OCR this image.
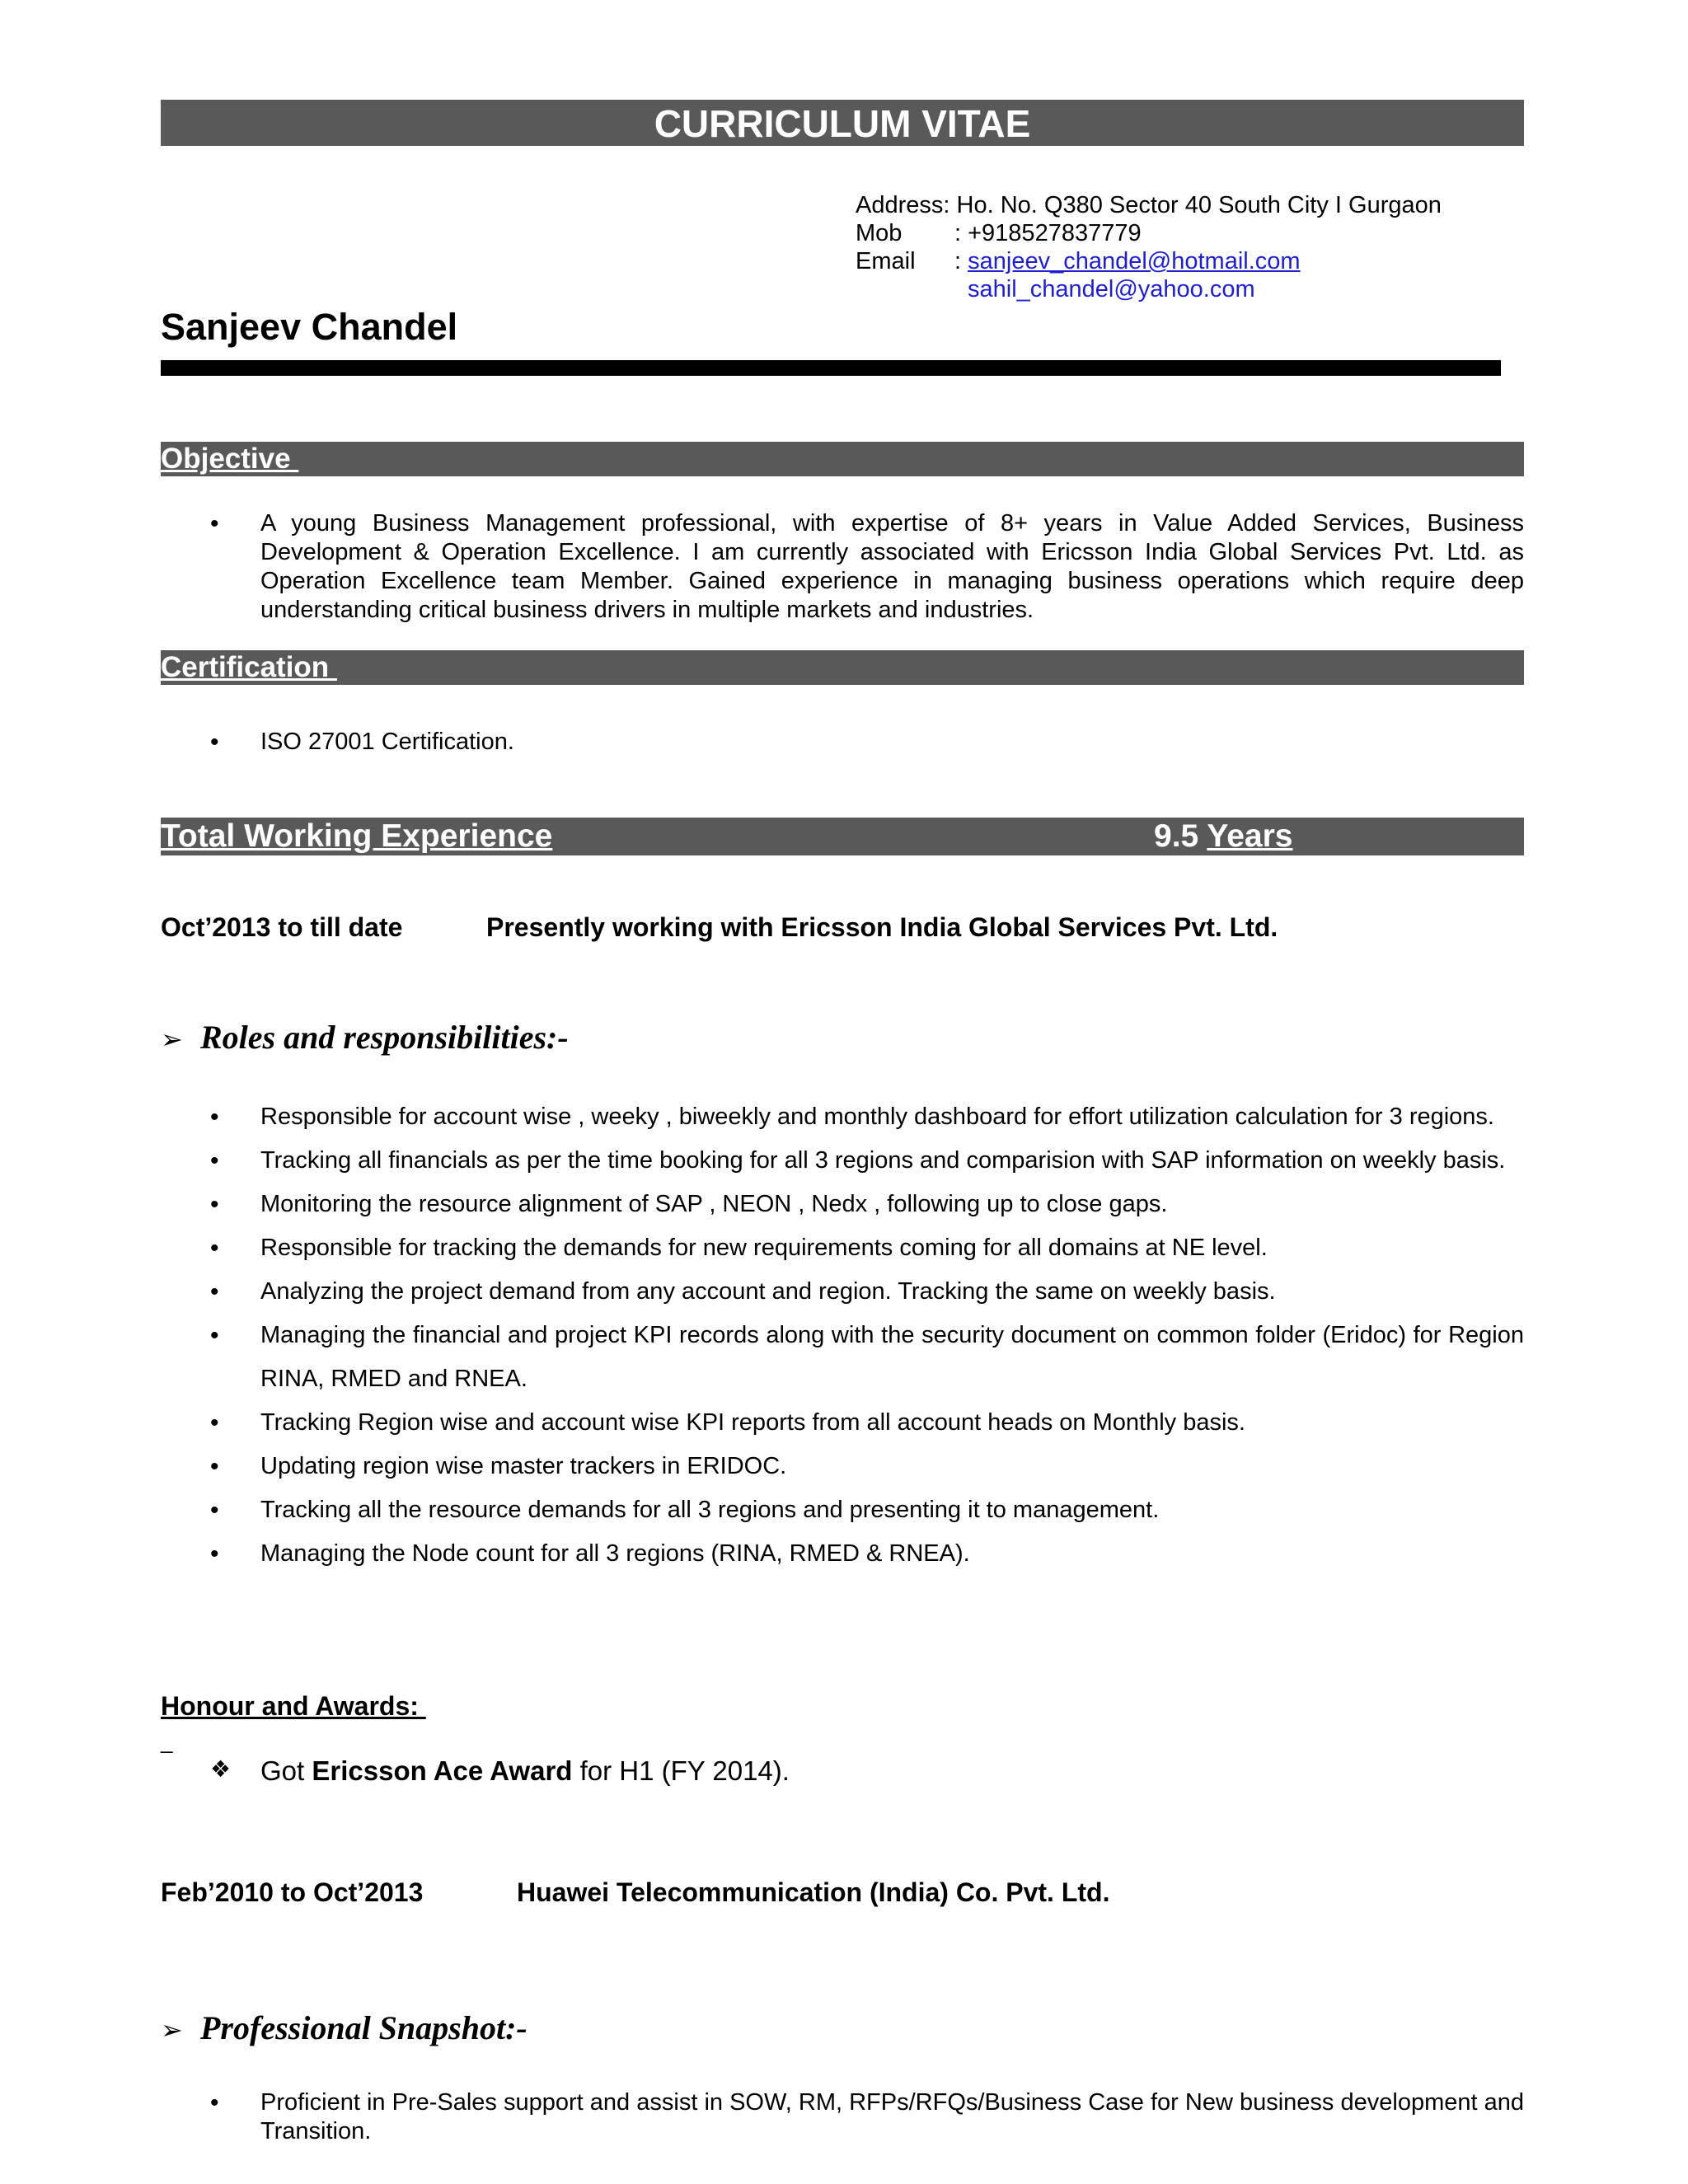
CURRICULUM VITAE
Address:
Ho. No. Q380 Sector 40 South City I Gurgaon
Mob	: +918527837779
Email	: sanjeev_chandel@hotmail.com
sahil_chandel@yahoo.com
Sanjeev Chandel
Objective
•	A young Business Management professional, with expertise of 8+ years in Value Added Services, Business Development & Operation Excellence. I am currently associated with Ericsson India Global Services Pvt. Ltd. as Operation Excellence team Member. Gained experience in managing business operations which require deep understanding critical business drivers in multiple markets and industries.
Certification
•	ISO 27001 Certification.
Total Working Experience	9.5 Years
Oct’2013 to till date	Presently working with Ericsson India Global Services Pvt. Ltd.
➢ Roles and responsibilities:-
•	Responsible for account wise , weeky , biweekly and monthly dashboard for effort utilization calculation for 3 regions.
•	Tracking all financials as per the time booking for all 3 regions and comparision with SAP information on weekly basis.
•	Monitoring the resource alignment of SAP , NEON , Nedx , following up to close gaps.
•	Responsible for tracking the demands for new requirements coming for all domains at NE level.
•	Analyzing the project demand from any account and region. Tracking the same on weekly basis.
•	Managing the financial and project KPI records along with the security document on common folder (Eridoc) for Region RINA, RMED and RNEA.
•	Tracking Region wise and account wise KPI reports from all account heads on Monthly basis.
•	Updating region wise master trackers in ERIDOC.
•	Tracking all the resource demands for all 3 regions and presenting it to management.
•	Managing the Node count for all 3 regions (RINA, RMED & RNEA).
Honour and Awards:
_
❖	Got Ericsson Ace Award for H1 (FY 2014).
Feb’2010 to Oct’2013	Huawei Telecommunication (India) Co. Pvt. Ltd.
➢ Professional Snapshot:-
•	Proficient in Pre-Sales support and assist in SOW, RM, RFPs/RFQs/Business Case for New business development and Transition.
